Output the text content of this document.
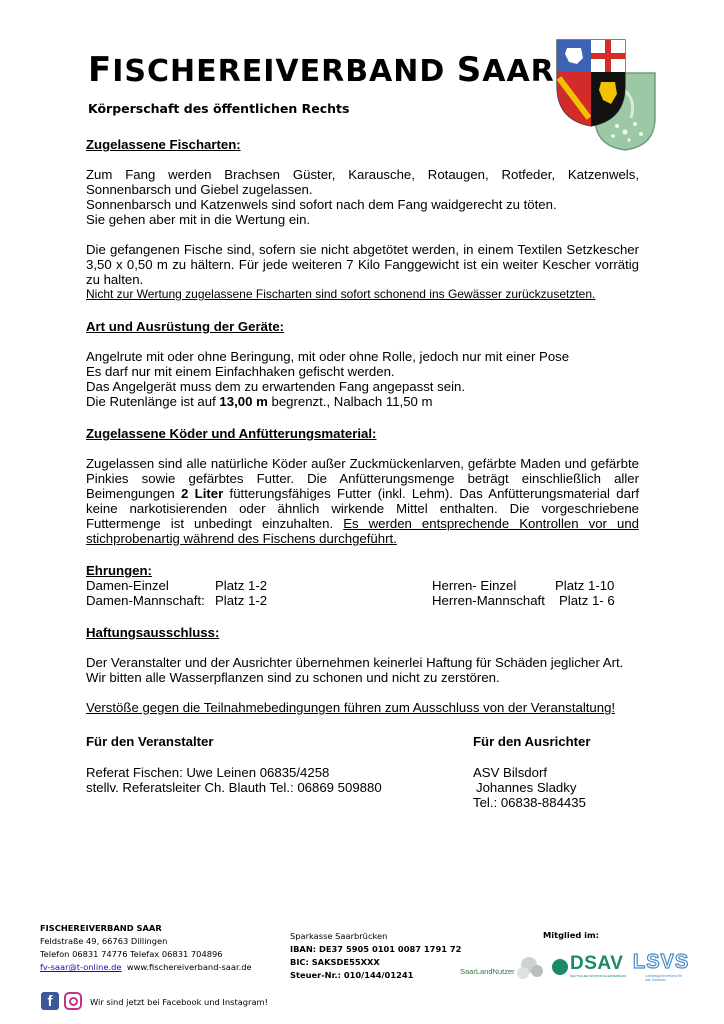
FISCHEREIVERBAND SAAR
Körperschaft des öffentlichen Rechts

Zugelassene Fischarten:

Zum Fang werden Brachsen Güster, Karausche, Rotaugen, Rotfeder, Katzenwels, Sonnenbarsch und Giebel zugelassen.

Sonnenbarsch und Katzenwels sind sofort nach dem Fang waidgerecht zu töten.

Sie gehen aber mit in die Wertung ein.

Die gefangenen Fische sind, sofern sie nicht abgetötet werden, in einem Textilen Setzkescher 3,50 x 0,50 m zu hältern. Für jede weiteren 7 Kilo Fanggewicht ist ein weiter Kescher vorrätig zu halten.

Nicht zur Wertung zugelassene Fischarten sind sofort schonend ins Gewässer zurückzusetzten.

Art und Ausrüstung der Geräte:

Angelrute mit oder ohne Beringung, mit oder ohne Rolle, jedoch nur mit einer Pose

Es darf nur mit einem Einfachhaken gefischt werden.

Das Angelgerät muss dem zu erwartenden Fang angepasst sein.

Die Rutenlänge ist auf 13,00 m begrenzt., Nalbach 11,50 m

Zugelassene Köder und Anfütterungsmaterial:

Zugelassen sind alle natürliche Köder außer Zuckmückenlarven, gefärbte Maden und gefärbte Pinkies sowie gefärbtes Futter. Die Anfütterungsmenge beträgt einschließlich aller Beimengungen 2 Liter fütterungsfähiges Futter (inkl. Lehm). Das Anfütterungsmaterial darf keine narkotisierenden oder ähnlich wirkende Mittel enthalten. Die vorgeschriebene Futtermenge ist unbedingt einzuhalten. Es werden entsprechende Kontrollen vor und stichprobenartig während des Fischens durchgeführt.

Ehrungen:

Damen-Einzel	Platz 1-2	Herren- Einzel	Platz 1-10
Damen-Mannschaft: Platz 1-2	Herren-Mannschaft Platz 1- 6

Haftungsausschluss:

Der Veranstalter und der Ausrichter übernehmen keinerlei Haftung für Schäden jeglicher Art.

Wir bitten alle Wasserpflanzen sind zu schonen und nicht zu zerstören.

Verstöße gegen die Teilnahmebedingungen führen zum Ausschluss von der Veranstaltung!

Für den Veranstalter	Für den Ausrichter
Referat Fischen: Uwe Leinen 06835/4258
stellv. Referatsleiter Ch. Blauth Tel.: 06869 509880
ASV Bilsdorf
Johannes Sladky
Tel.: 06838-884435
FISCHEREIVERBAND SAAR
Feldstraße 49, 66763 Dillingen
Telefon 06831 74776 Telefax 06831 704896
fv-saar@t-online.de www.fischereiverband-saar.de
f	Wir sind jetzt bei Facebook und Instagram!
Sparkasse Saarbrücken
IBAN: DE37 5905 0101 0087 1791 72
BIC: SAKSDE55XXX
Steuer-Nr.: 010/144/01241
Mitglied im:
SaarLandNutzer	DSAV
DEUTSCHER SPORTANGLERVERBAND
LSVS
Landessportverband für das Saarland
